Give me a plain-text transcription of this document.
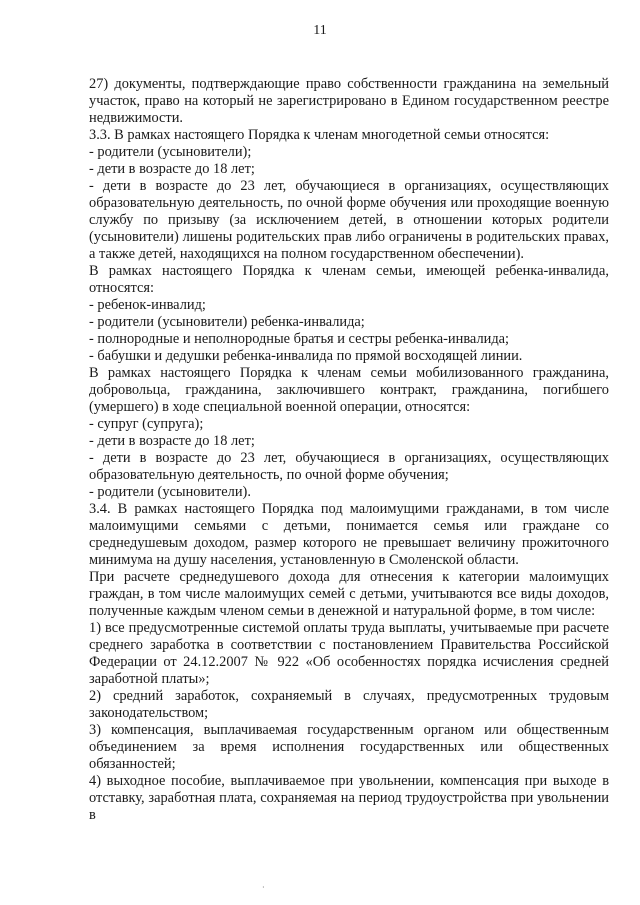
11

27) документы, подтверждающие право собственности гражданина на земельный участок, право на который не зарегистрировано в Едином государственном реестре недвижимости.

3.3. В рамках настоящего Порядка к членам многодетной семьи относятся:

- родители (усыновители);

- дети в возрасте до 18 лет;

- дети в возрасте до 23 лет, обучающиеся в организациях, осуществляющих образовательную деятельность, по очной форме обучения или проходящие военную службу по призыву (за исключением детей, в отношении которых родители (усыновители) лишены родительских прав либо ограничены в родительских правах, а также детей, находящихся на полном государственном обеспечении).

В рамках настоящего Порядка к членам семьи, имеющей ребенка-инвалида, относятся:

- ребенок-инвалид;

- родители (усыновители) ребенка-инвалида;

- полнородные и неполнородные братья и сестры ребенка-инвалида;

- бабушки и дедушки ребенка-инвалида по прямой восходящей линии.

В рамках настоящего Порядка к членам семьи мобилизованного гражданина, добровольца, гражданина, заключившего контракт, гражданина, погибшего (умершего) в ходе специальной военной операции, относятся:

- супруг (супруга);

- дети в возрасте до 18 лет;

- дети в возрасте до 23 лет, обучающиеся в организациях, осуществляющих образовательную деятельность, по очной форме обучения;

- родители (усыновители).

3.4. В рамках настоящего Порядка под малоимущими гражданами, в том числе малоимущими семьями с детьми, понимается семья или граждане со среднедушевым доходом, размер которого не превышает величину прожиточного минимума на душу населения, установленную в Смоленской области.

При расчете среднедушевого дохода для отнесения к категории малоимущих граждан, в том числе малоимущих семей с детьми, учитываются все виды доходов, полученные каждым членом семьи в денежной и натуральной форме, в том числе:

1) все предусмотренные системой оплаты труда выплаты, учитываемые при расчете среднего заработка в соответствии с постановлением Правительства Российской Федерации от 24.12.2007 № 922 «Об особенностях порядка исчисления средней заработной платы»;

2) средний заработок, сохраняемый в случаях, предусмотренных трудовым законодательством;

3) компенсация, выплачиваемая государственным органом или общественным объединением за время исполнения государственных или общественных обязанностей;

4) выходное пособие, выплачиваемое при увольнении, компенсация при выходе в отставку, заработная плата, сохраняемая на период трудоустройства при увольнении в

·
